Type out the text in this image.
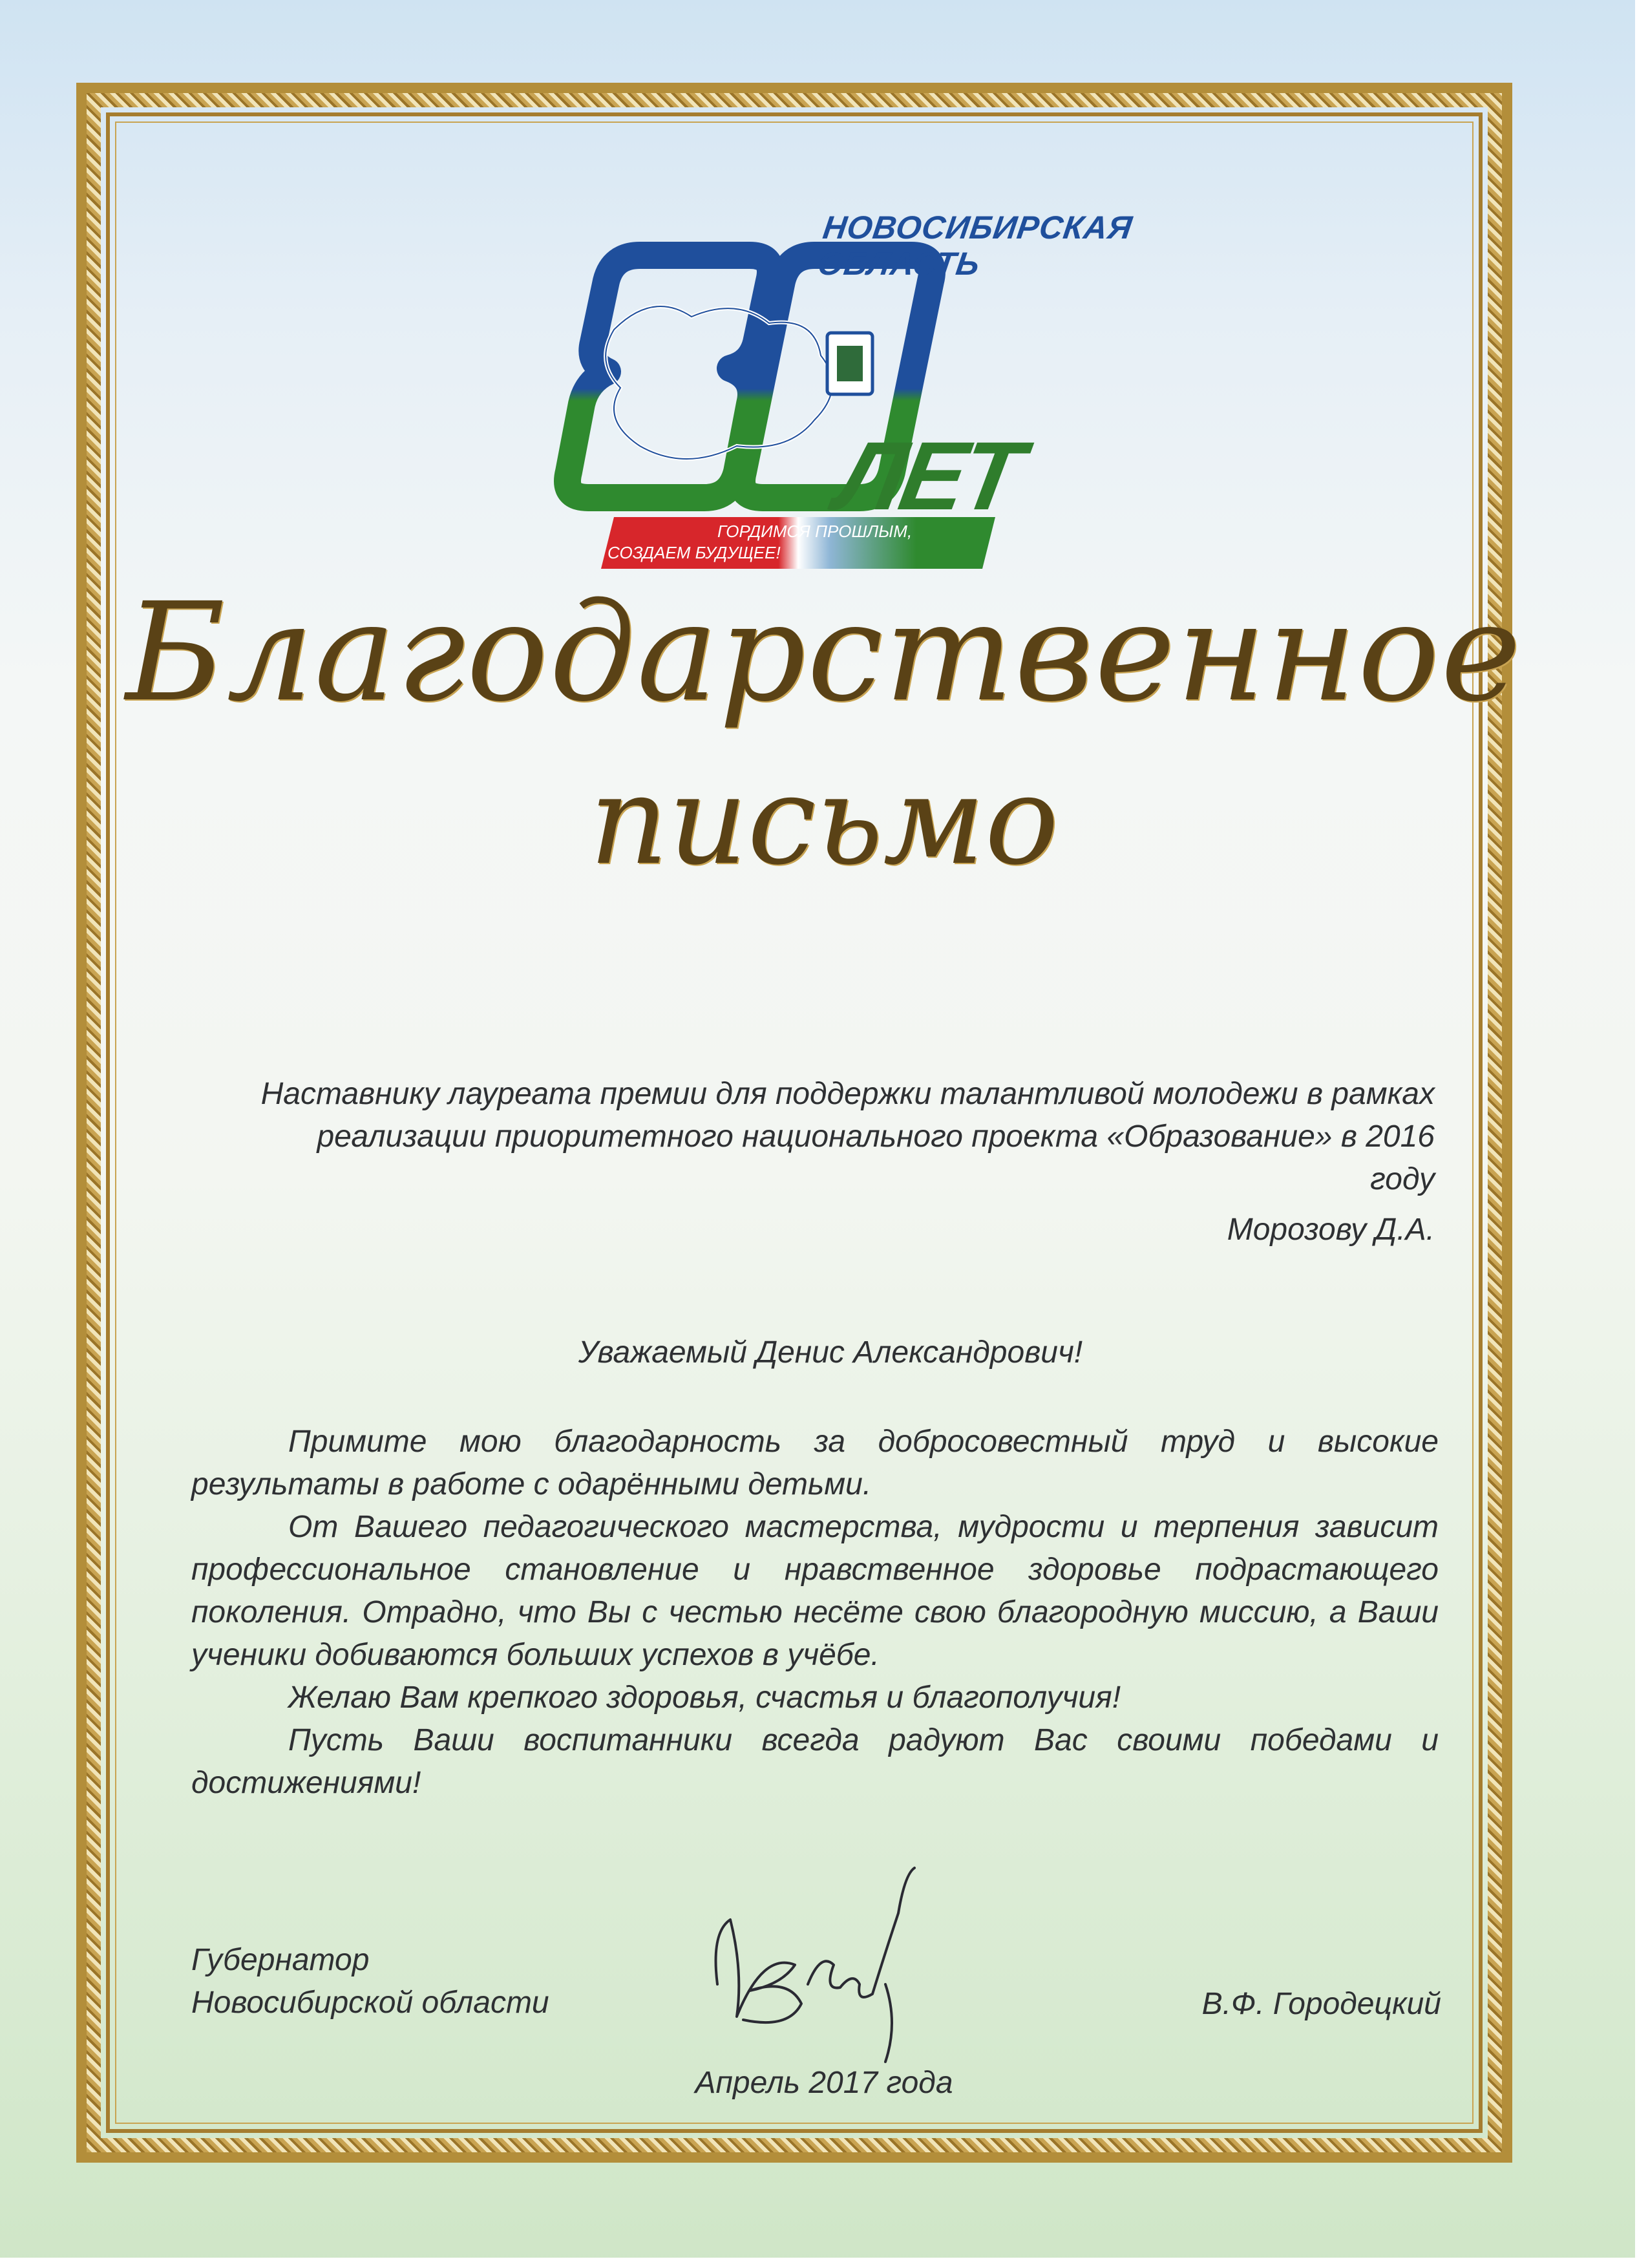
НОВОСИБИРСКАЯ ОБЛАСТЬ
ЛЕТ
ГОРДИМСЯ ПРОШЛЫМ,
СОЗДАЕМ БУДУЩЕЕ!
Благодарственное
письмо
Наставнику лауреата премии для поддержки талантливой молодежи в рамках реализации приоритетного национального проекта «Образование» в 2016 году
Морозову Д.А.
Уважаемый Денис Александрович!

Примите мою благодарность за добросовестный труд и высокие результаты в работе с одарёнными детьми.

От Вашего педагогического мастерства, мудрости и терпения зависит профессиональное становление и нравственное здоровье подрастающего поколения. Отрадно, что Вы с честью несёте свою благородную миссию, а Ваши ученики добиваются больших успехов в учёбе.

Желаю Вам крепкого здоровья, счастья и благополучия!

Пусть Ваши воспитанники всегда радуют Вас своими победами и достижениями!

Губернатор
Новосибирской области	В.Ф. Городецкий
Апрель 2017 года
